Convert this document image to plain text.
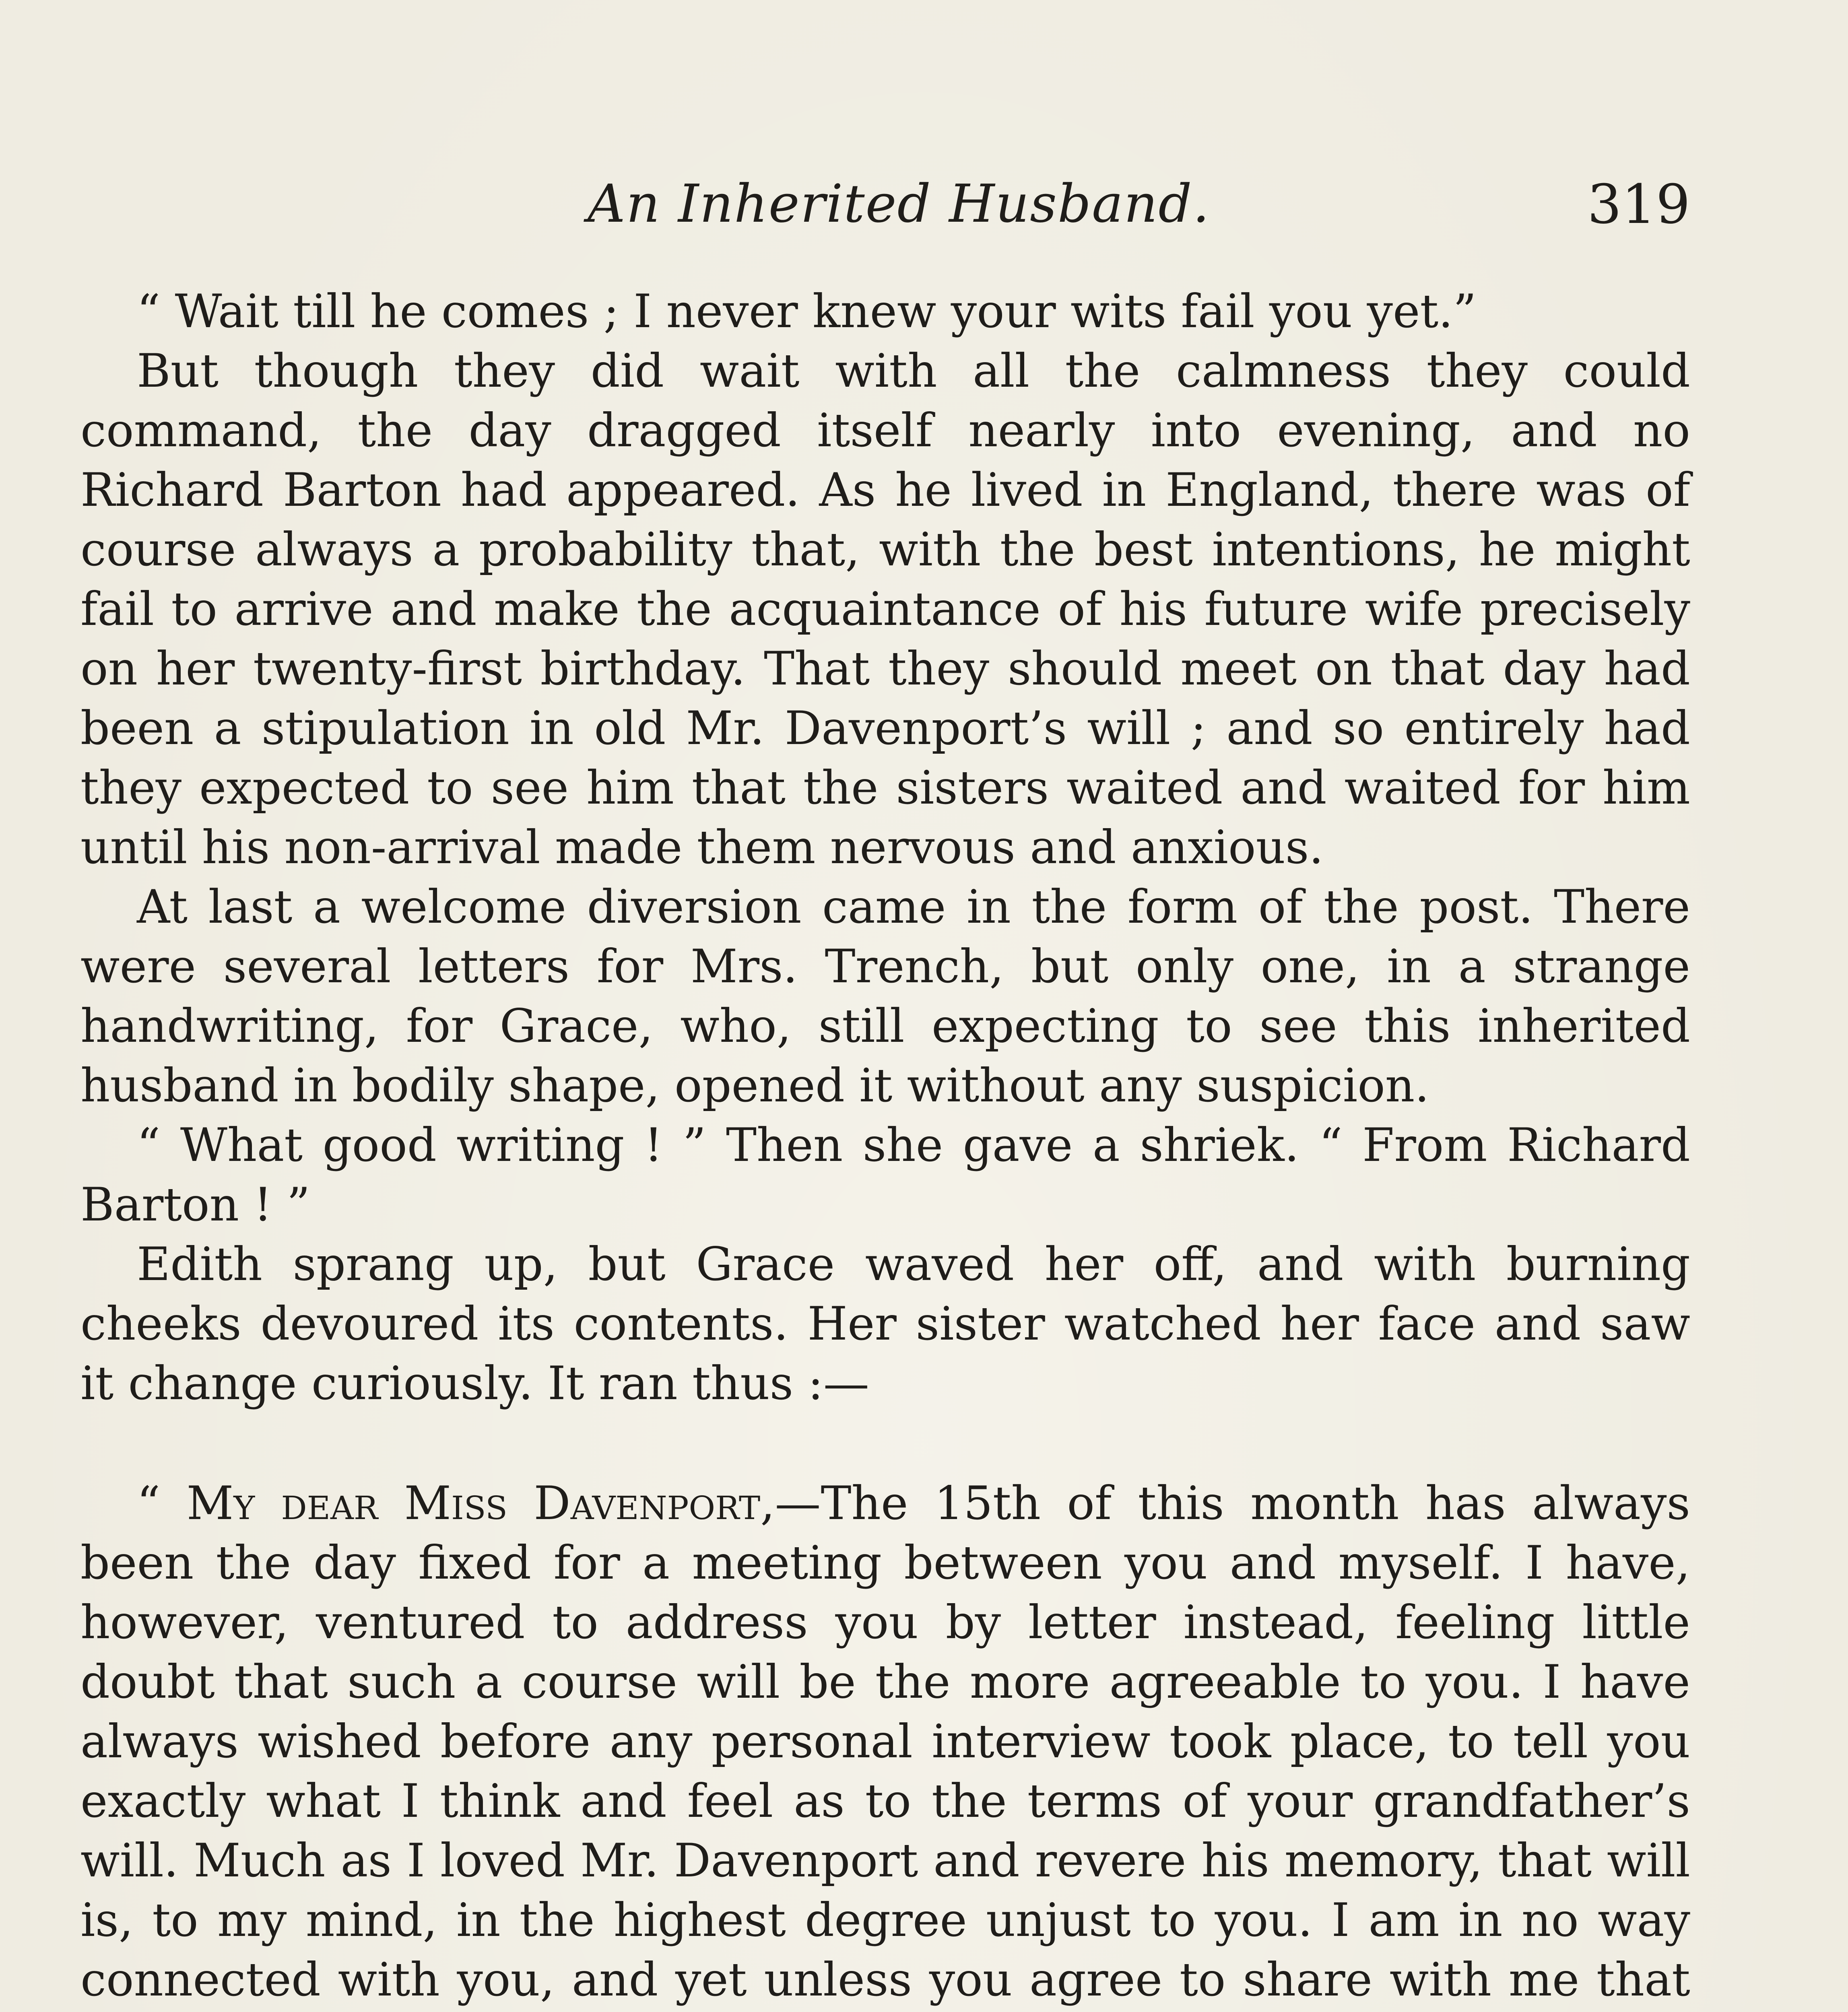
An Inherited Husband.	319

“ Wait till he comes ; I never knew your wits fail you yet.”

But though they did wait with all the calmness they could command, the day dragged itself nearly into evening, and no Richard Barton had appeared. As he lived in England, there was of course always a probability that, with the best intentions, he might fail to arrive and make the acquaintance of his future wife precisely on her twenty-first birthday. That they should meet on that day had been a stipulation in old Mr. Davenport’s will ; and so entirely had they expected to see him that the sisters waited and waited for him until his non-arrival made them nervous and anxious.

At last a welcome diversion came in the form of the post. There were several letters for Mrs. Trench, but only one, in a strange handwriting, for Grace, who, still expecting to see this inherited husband in bodily shape, opened it without any suspicion.

“ What good writing ! ” Then she gave a shriek. “ From Richard Barton ! ”

Edith sprang up, but Grace waved her off, and with burning cheeks devoured its contents. Her sister watched her face and saw it change curiously. It ran thus :—

“ My dear Miss Davenport,—The 15th of this month has always been the day fixed for a meeting between you and myself. I have, however, ventured to address you by letter instead, feeling little doubt that such a course will be the more agreeable to you. I have always wished before any personal interview took place, to tell you exactly what I think and feel as to the terms of your grandfather’s will. Much as I loved Mr. Davenport and revere his memory, that will is, to my mind, in the highest degree unjust to you. I am in no way connected with you, and yet unless you agree to share with me that
